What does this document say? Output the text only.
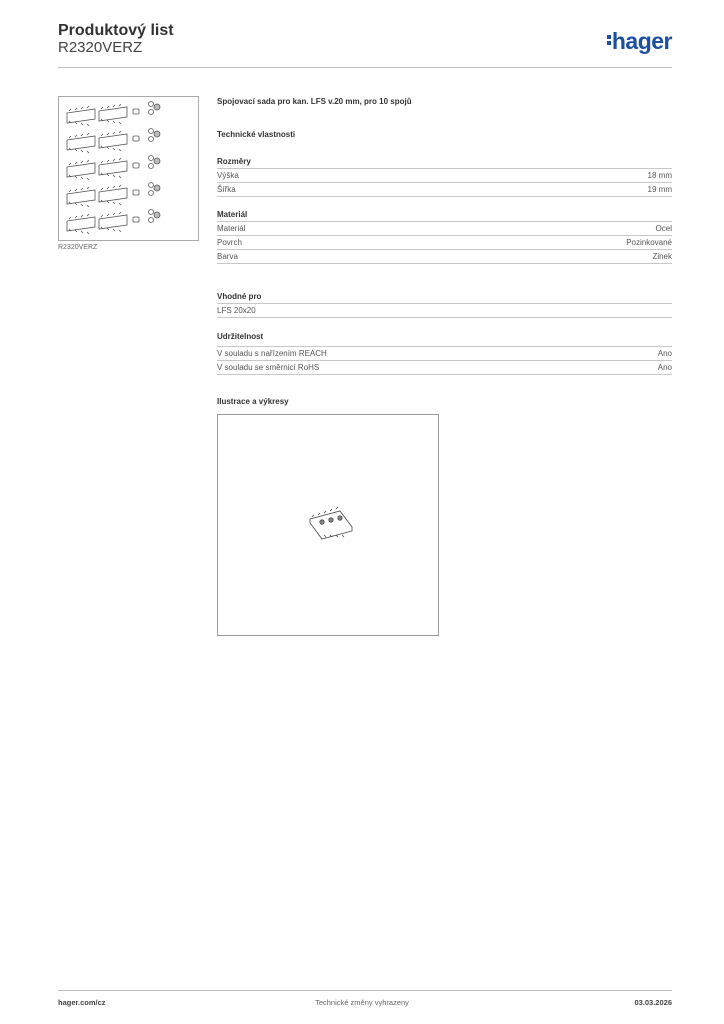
Produktový list
R2320VERZ	hager
R2320VERZ
Spojovací sada pro kan. LFS v.20 mm, pro 10 spojů
Technické vlastnosti
Rozměry
Výška	18 mm
Šířka	19 mm
Materiál
Materiál	Ocel
Povrch	Pozinkované
Barva	Zinek
Vhodné pro
LFS 20x20
Udržitelnost
V souladu s nařízením REACH	Ano
V souladu se směrnicí RoHS	Ano
Ilustrace a výkresy
hager.com/cz	Technické změny vyhrazeny	03.03.2026
